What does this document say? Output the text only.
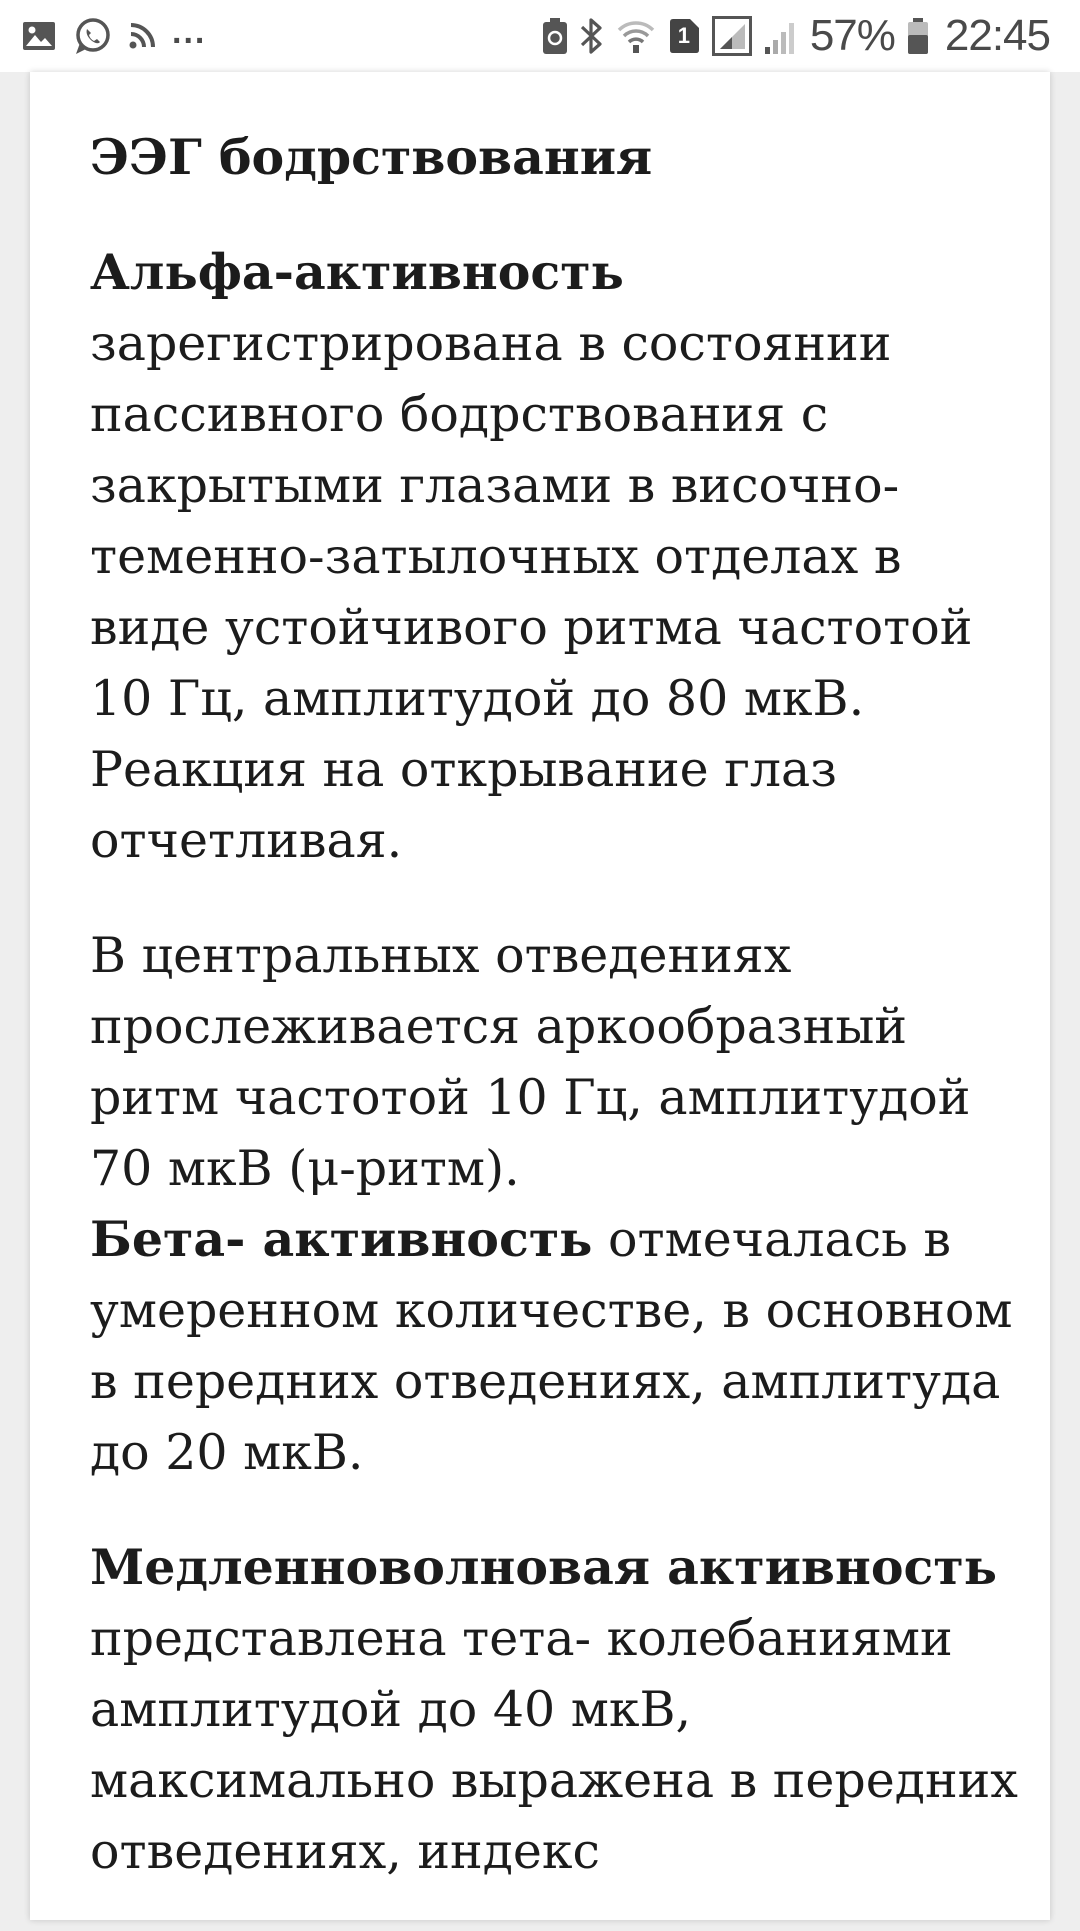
...	1	57% 22:45
ЭЭГ бодрствования

Альфа-активность
зарегистрирована в состоянии пассивного бодрствования с закрытыми глазами в височно-теменно-затылочных отделах в виде устойчивого ритма частотой 10 Гц, амплитудой до 80 мкВ. Реакция на открывание глаз отчетливая.

В центральных отведениях прослеживается аркообразный ритм частотой 10 Гц, амплитудой 70 мкВ (μ-ритм).

Бета- активность отмечалась в умеренном количестве, в основном в передних отведениях, амплитуда до 20 мкВ.

Медленноволновая активность
представлена тета- колебаниями амплитудой до 40 мкВ, максимально выражена в передних отведениях, индекс
